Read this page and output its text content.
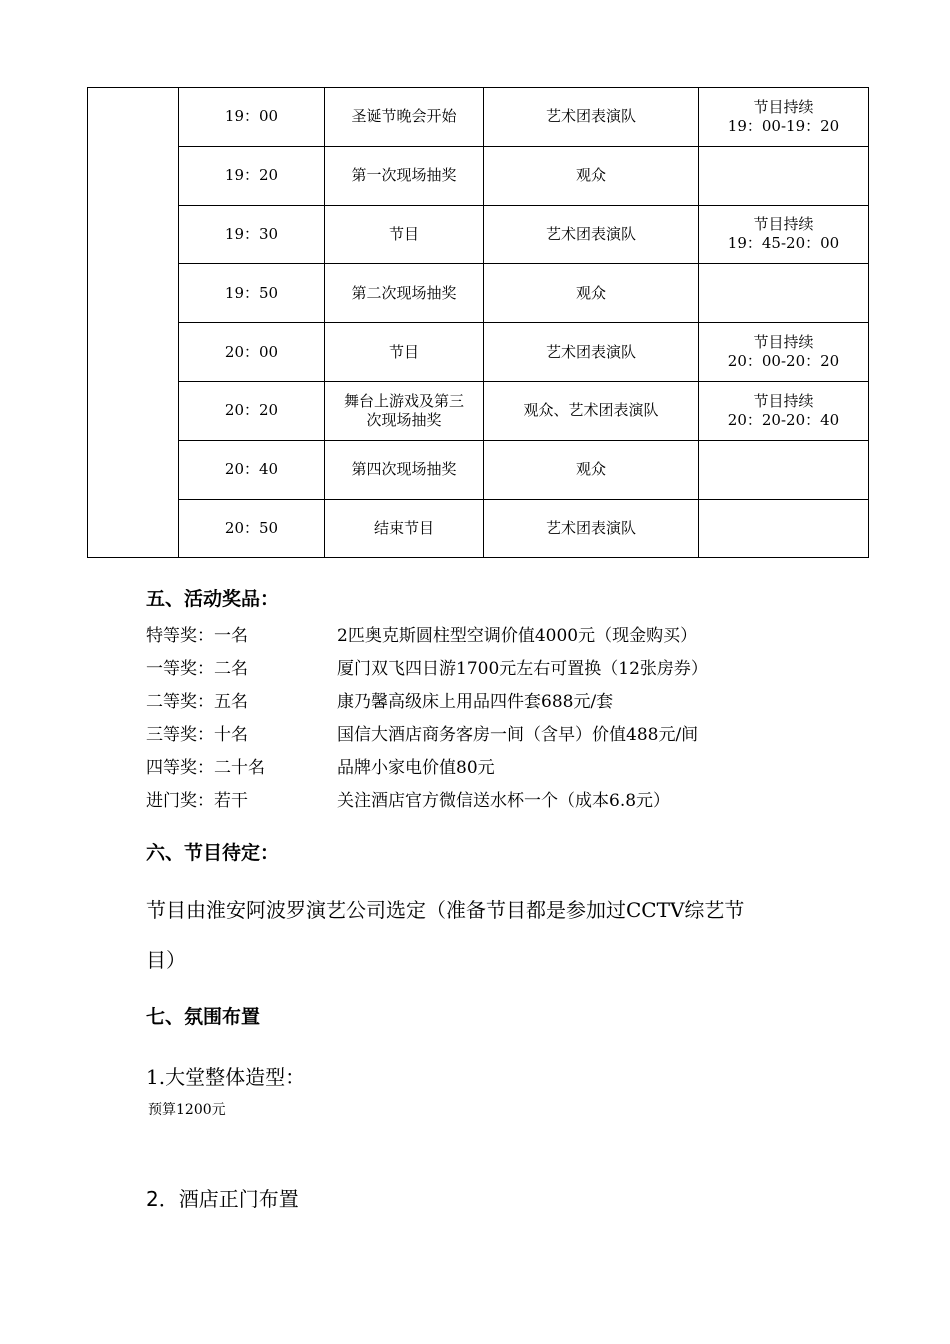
	19：00	圣诞节晚会开始	艺术团表演队	节目持续
19：00-19：20

	19：20	第一次现场抽奖	观众	
	19：30	节目	艺术团表演队	节目持续
19：45-20：00

	19：50	第二次现场抽奖	观众	
	20：00	节目	艺术团表演队	节目持续
20：00-20：20

	20：20	舞台上游戏及第三
次现场抽奖	观众、艺术团表演队	节目持续
20：20-20：40

	20：40	第四次现场抽奖	观众	
	20：50	结束节目	艺术团表演队	
五、活动奖品：
特等奖：一名	2匹奥克斯圆柱型空调价值4000元（现金购买）
一等奖：二名	厦门双飞四日游1700元左右可置换（12张房券）
二等奖：五名	康乃馨高级床上用品四件套688元/套
三等奖：十名	国信大酒店商务客房一间（含早）价值488元/间
四等奖：二十名	品牌小家电价值80元
进门奖：若干	关注酒店官方微信送水杯一个（成本6.8元）
六、节目待定：
节目由淮安阿波罗演艺公司选定（准备节目都是参加过CCTV综艺节
目）
七、氛围布置
1.大堂整体造型：
预算1200元
2．酒店正门布置
